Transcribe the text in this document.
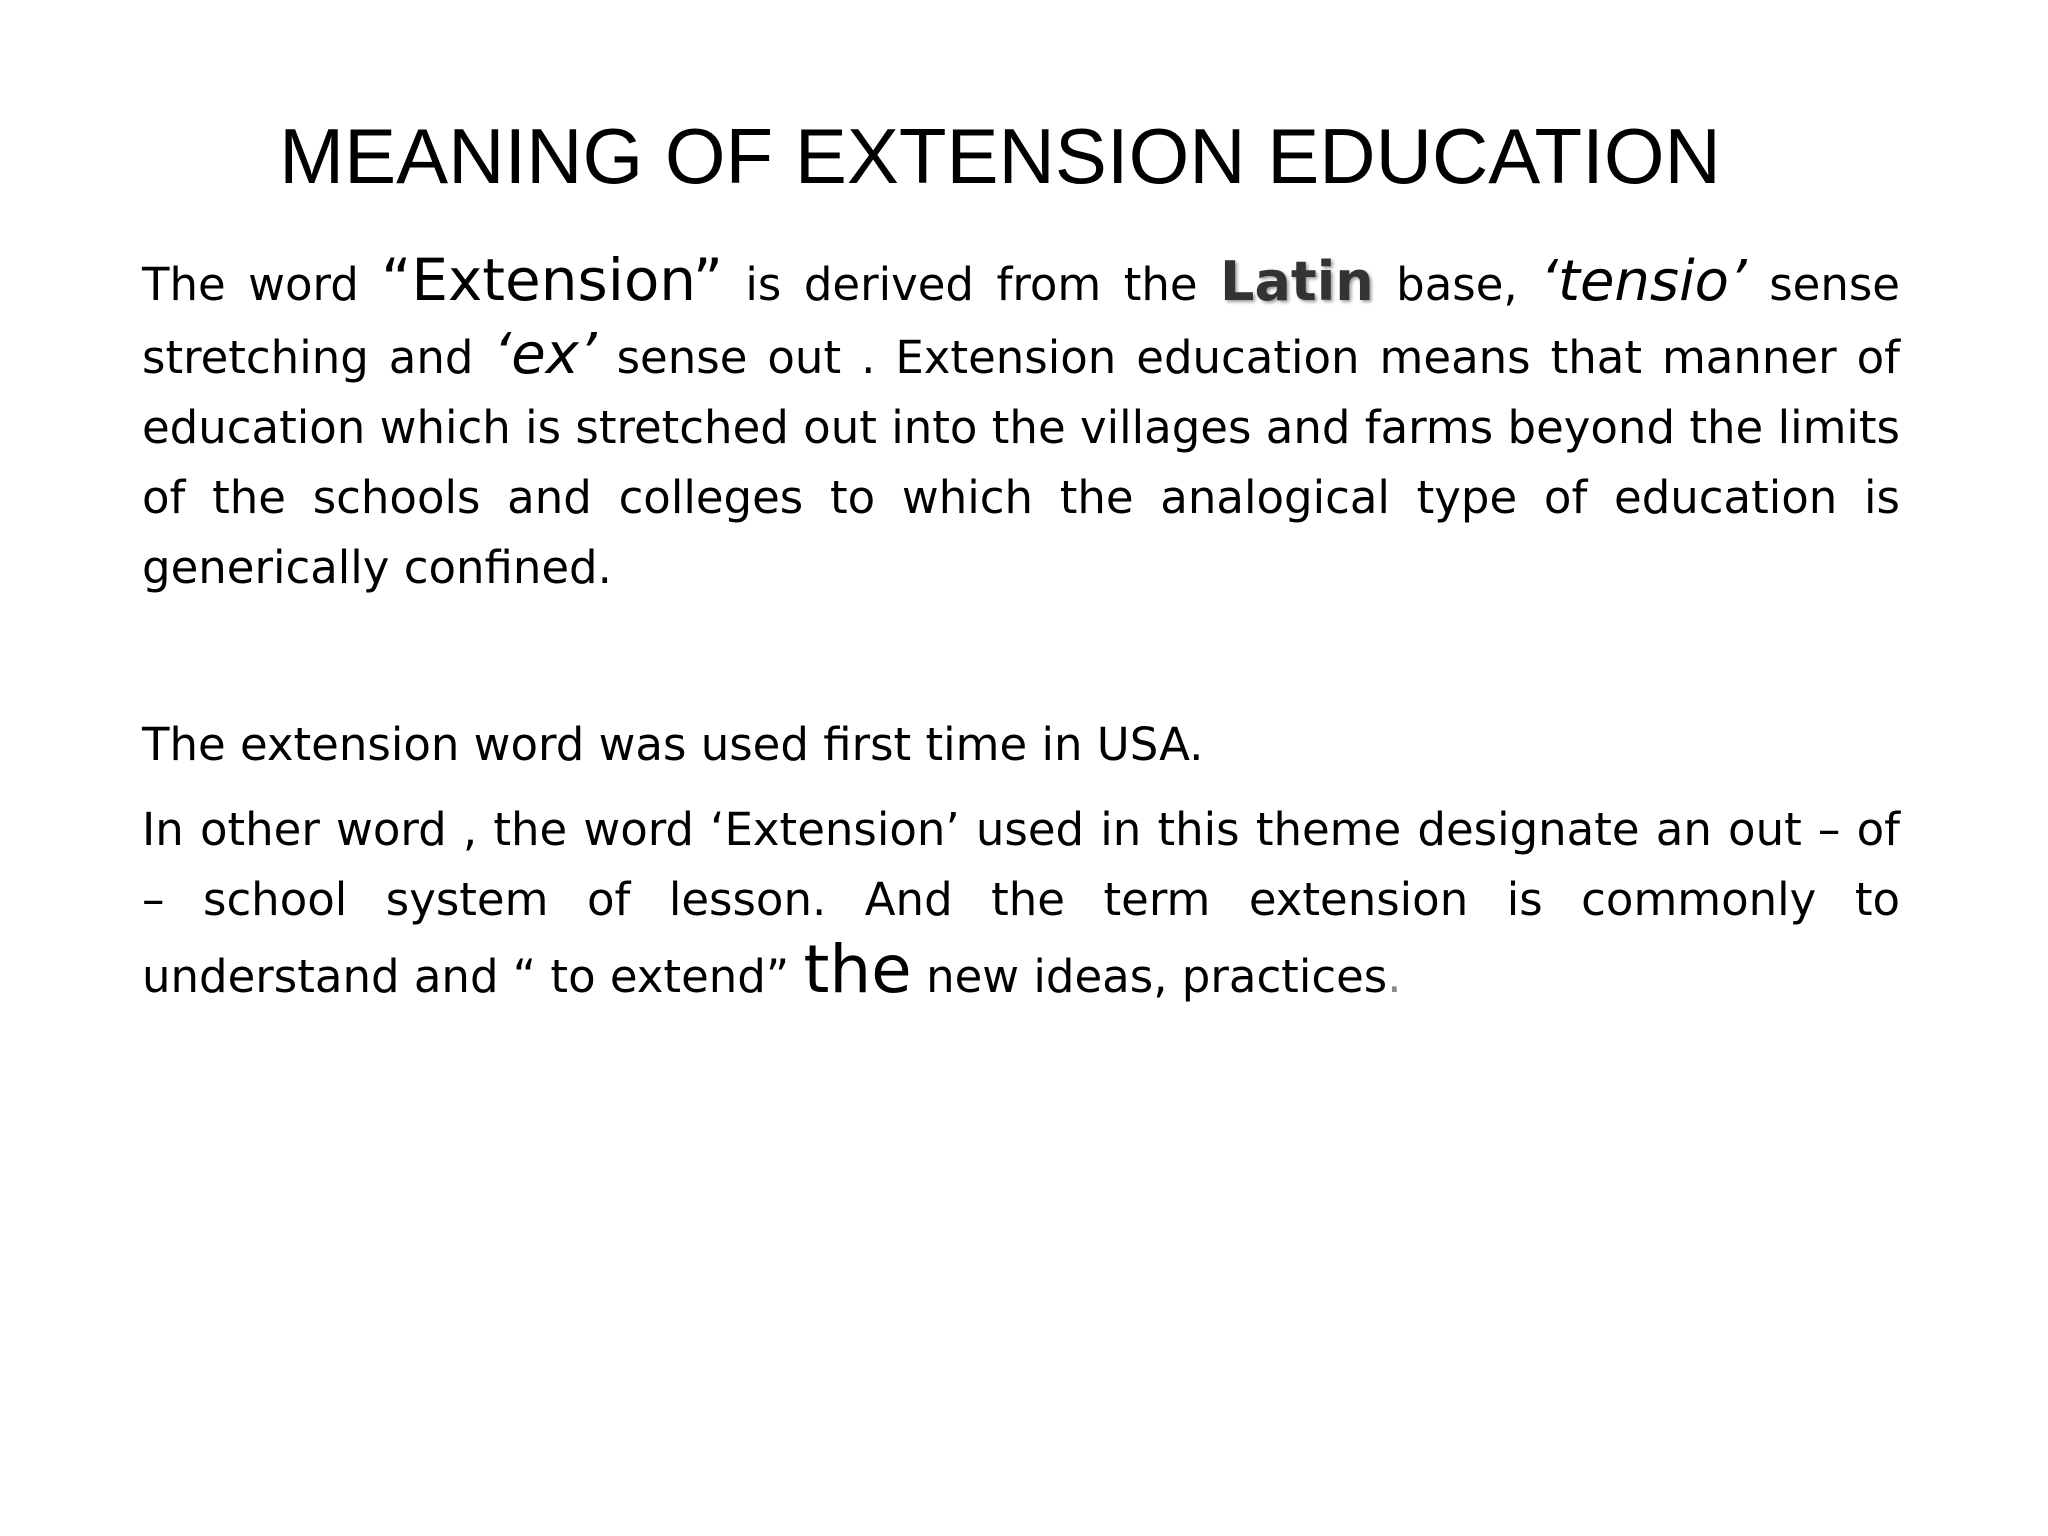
MEANING OF EXTENSION EDUCATION

The word “Extension” is derived from the Latin base, ‘tensio’ sense stretching and ‘ex’ sense out . Extension education means that manner of education which is stretched out into the villages and farms beyond the limits of the schools and colleges to which the analogical type of education is generically confined.

The extension word was used first time in USA.

In other word , the word ‘Extension’ used in this theme designate an out – of – school system of lesson. And the term extension is commonly to understand and “ to extend” the new ideas, practices.
